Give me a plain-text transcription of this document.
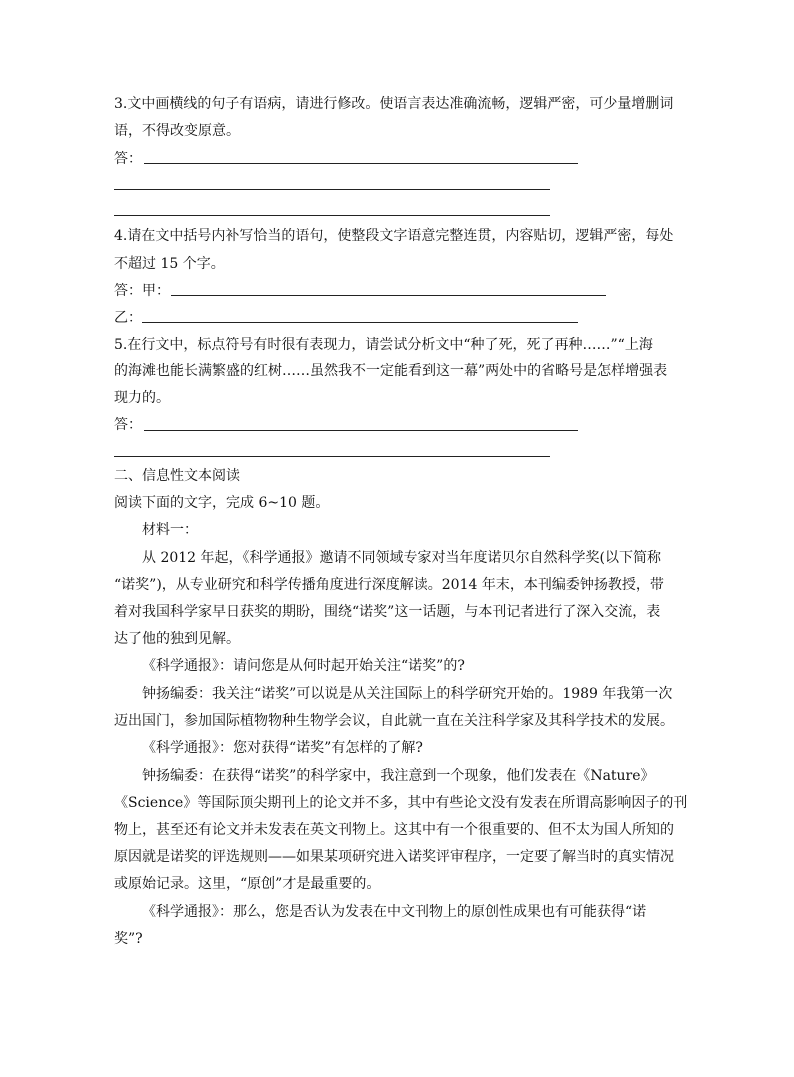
3.文中画横线的句子有语病，请进行修改。使语言表达准确流畅，逻辑严密，可少量增删词
语，不得改变原意。
答：
4.请在文中括号内补写恰当的语句，使整段文字语意完整连贯，内容贴切，逻辑严密，每处
不超过 15 个字。
答：甲：
乙：
5.在行文中，标点符号有时很有表现力，请尝试分析文中“种了死，死了再种……”“上海
的海滩也能长满繁盛的红树……虽然我不一定能看到这一幕”两处中的省略号是怎样增强表
现力的。
答：
二、信息性文本阅读
阅读下面的文字，完成 6~10 题。
材料一：
从 2012 年起，《科学通报》邀请不同领域专家对当年度诺贝尔自然科学奖(以下简称
“诺奖”)，从专业研究和科学传播角度进行深度解读。2014 年末，本刊编委钟扬教授，带
着对我国科学家早日获奖的期盼，围绕“诺奖”这一话题，与本刊记者进行了深入交流，表
达了他的独到见解。
《科学通报》：请问您是从何时起开始关注“诺奖”的?
钟扬编委：我关注“诺奖”可以说是从关注国际上的科学研究开始的。1989 年我第一次
迈出国门，参加国际植物物种生物学会议，自此就一直在关注科学家及其科学技术的发展。
《科学通报》：您对获得“诺奖”有怎样的了解?
钟扬编委：在获得“诺奖”的科学家中，我注意到一个现象，他们发表在《Nature》
《Science》等国际顶尖期刊上的论文并不多，其中有些论文没有发表在所谓高影响因子的刊
物上，甚至还有论文并未发表在英文刊物上。这其中有一个很重要的、但不太为国人所知的
原因就是诺奖的评选规则——如果某项研究进入诺奖评审程序，一定要了解当时的真实情况
或原始记录。这里，“原创”才是最重要的。
《科学通报》：那么，您是否认为发表在中文刊物上的原创性成果也有可能获得“诺
奖”?
